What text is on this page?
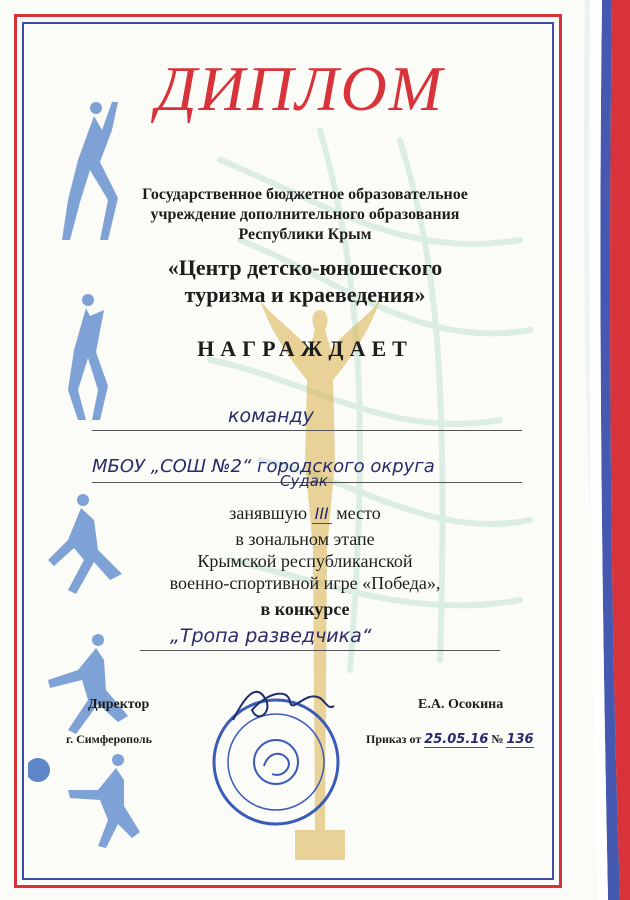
ДИПЛОМ
Государственное бюджетное образовательное
учреждение дополнительного образования
Республики Крым
«Центр детско-юношеского
туризма и краеведения»
НАГРАЖДАЕТ
команду
МБОУ „СОШ №2“ городского округа
Судак
занявшую III место
в зональном этапе
Крымской республиканской
военно-спортивной игре «Победа»,
в конкурсе
„Тропа разведчика“
Директор	Е.А. Осокина
г. Симферополь	Приказ от 25.05.16 № 136
